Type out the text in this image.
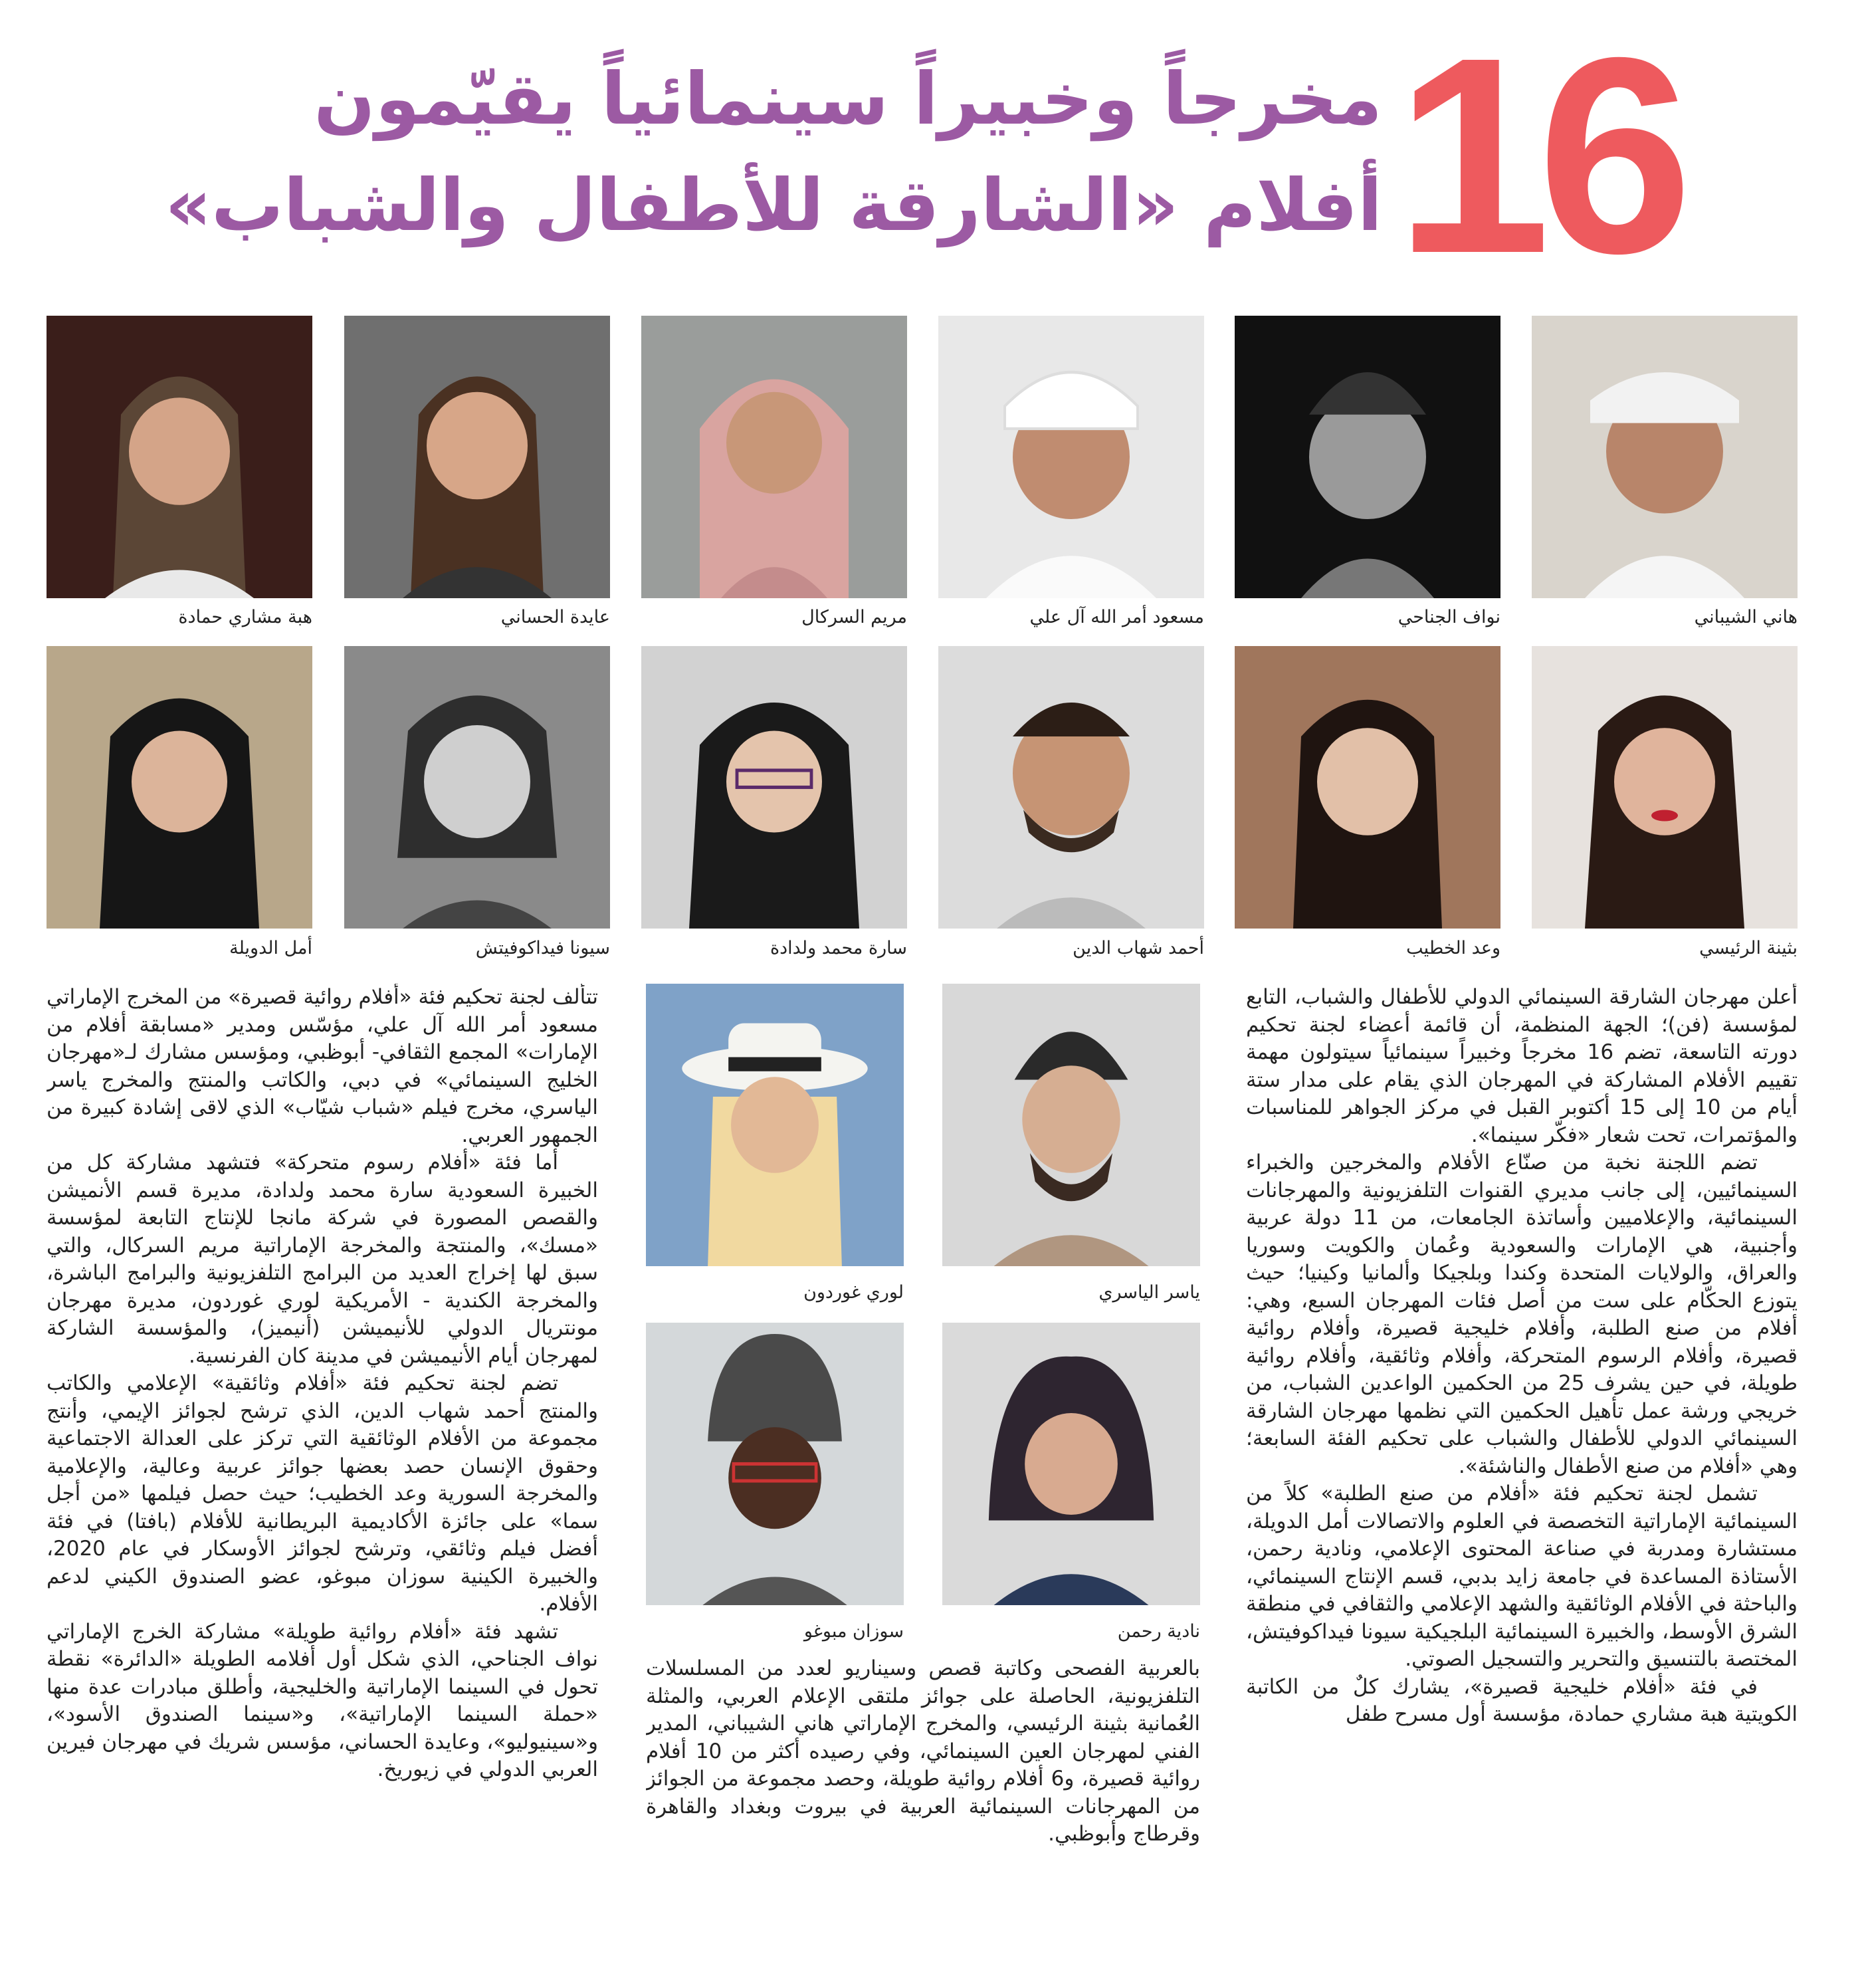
16
مخرجاً وخبيراً سينمائياً يقيّمون
أفلام «الشارقة للأطفال والشباب»
هاني الشيباني
نواف الجناحي
مسعود أمر الله آل علي
مريم السركال
عايدة الحساني
هبة مشاري حمادة
بثينة الرئيسي
وعد الخطيب
أحمد شهاب الدين
سارة محمد ولدادة
سيونا فيداكوفيتش
أمل الدويلة
ياسر الياسري
لوري غوردون
نادية رحمن
سوزان مبوغو

أعلن مهرجان الشارقة السينمائي الدولي للأطفال والشباب، التابع لمؤسسة (فن)؛ الجهة المنظمة، أن قائمة أعضاء لجنة تحكيم دورته التاسعة، تضم 16 مخرجاً وخبيراً سينمائياً سيتولون مهمة تقييم الأفلام المشاركة في المهرجان الذي يقام على مدار ستة أيام من 10 إلى 15 أكتوبر القبل في مركز الجواهر للمناسبات والمؤتمرات، تحت شعار «فكّر سينما».

تضم اللجنة نخبة من صنّاع الأفلام والمخرجين والخبراء السينمائيين، إلى جانب مديري القنوات التلفزيونية والمهرجانات السينمائية، والإعلاميين وأساتذة الجامعات، من 11 دولة عربية وأجنبية، هي الإمارات والسعودية وعُمان والكويت وسوريا والعراق، والولايات المتحدة وكندا وبلجيكا وألمانيا وكينيا؛ حيث يتوزع الحكّام على ست من أصل فئات المهرجان السبع، وهي: أفلام من صنع الطلبة، وأفلام خليجية قصيرة، وأفلام روائية قصيرة، وأفلام الرسوم المتحركة، وأفلام وثائقية، وأفلام روائية طويلة، في حين يشرف 25 من الحكمين الواعدين الشباب، من خريجي ورشة عمل تأهيل الحكمين التي نظمها مهرجان الشارقة السينمائي الدولي للأطفال والشباب على تحكيم الفئة السابعة؛ وهي «أفلام من صنع الأطفال والناشئة».

تشمل لجنة تحكيم فئة «أفلام من صنع الطلبة» كلاً من السينمائية الإماراتية التخصصة في العلوم والاتصالات أمل الدويلة، مستشارة ومدربة في صناعة المحتوى الإعلامي، ونادية رحمن، الأستاذة المساعدة في جامعة زايد بدبي، قسم الإنتاج السينمائي، والباحثة في الأفلام الوثائقية والشهد الإعلامي والثقافي في منطقة الشرق الأوسط، والخبيرة السينمائية البلجيكية سيونا فيداكوفيتش، المختصة بالتنسيق والتحرير والتسجيل الصوتي.

في فئة «أفلام خليجية قصيرة»، يشارك كلٌ من الكاتبة الكويتية هبة مشاري حمادة، مؤسسة أول مسرح طفل

بالعربية الفصحى وكاتبة قصص وسيناريو لعدد من المسلسلات التلفزيونية، الحاصلة على جوائز ملتقى الإعلام العربي، والمثلة العُمانية بثينة الرئيسي، والمخرج الإماراتي هاني الشيباني، المدير الفني لمهرجان العين السينمائي، وفي رصيده أكثر من 10 أفلام روائية قصيرة، و6 أفلام روائية طويلة، وحصد مجموعة من الجوائز من المهرجانات السينمائية العربية في بيروت وبغداد والقاهرة وقرطاج وأبوظبي.

تتألف لجنة تحكيم فئة «أفلام روائية قصيرة» من المخرج الإماراتي مسعود أمر الله آل علي، مؤسّس ومدير «مسابقة أفلام من الإمارات» المجمع الثقافي- أبوظبي، ومؤسس مشارك لـ«مهرجان الخليج السينمائي» في دبي، والكاتب والمنتج والمخرج ياسر الياسري، مخرج فيلم «شباب شيّاب» الذي لاقى إشادة كبيرة من الجمهور العربي.

أما فئة «أفلام رسوم متحركة» فتشهد مشاركة كل من الخبيرة السعودية سارة محمد ولدادة، مديرة قسم الأنميشن والقصص المصورة في شركة مانجا للإنتاج التابعة لمؤسسة «مسك»، والمنتجة والمخرجة الإماراتية مريم السركال، والتي سبق لها إخراج العديد من البرامج التلفزيونية والبرامج الباشرة، والمخرجة الكندية - الأمريكية لوري غوردون، مديرة مهرجان مونتريال الدولي للأنيميشن (أنيميز)، والمؤسسة الشاركة لمهرجان أيام الأنيميشن في مدينة كان الفرنسية.

تضم لجنة تحكيم فئة «أفلام وثائقية» الإعلامي والكاتب والمنتج أحمد شهاب الدين، الذي ترشح لجوائز الإيمي، وأنتج مجموعة من الأفلام الوثائقية التي تركز على العدالة الاجتماعية وحقوق الإنسان حصد بعضها جوائز عربية وعالية، والإعلامية والمخرجة السورية وعد الخطيب؛ حيث حصل فيلمها «من أجل سما» على جائزة الأكاديمية البريطانية للأفلام (بافتا) في فئة أفضل فيلم وثائقي، وترشح لجوائز الأوسكار في عام 2020، والخبيرة الكينية سوزان مبوغو، عضو الصندوق الكيني لدعم الأفلام.

تشهد فئة «أفلام روائية طويلة» مشاركة الخرج الإماراتي نواف الجناحي، الذي شكل أول أفلامه الطويلة «الدائرة» نقطة تحول في السينما الإماراتية والخليجية، وأطلق مبادرات عدة منها «حملة السينما الإماراتية»، و«سينما الصندوق الأسود»، و«سينيوليو»، وعايدة الحساني، مؤسس شريك في مهرجان فيرين العربي الدولي في زيوريخ.
